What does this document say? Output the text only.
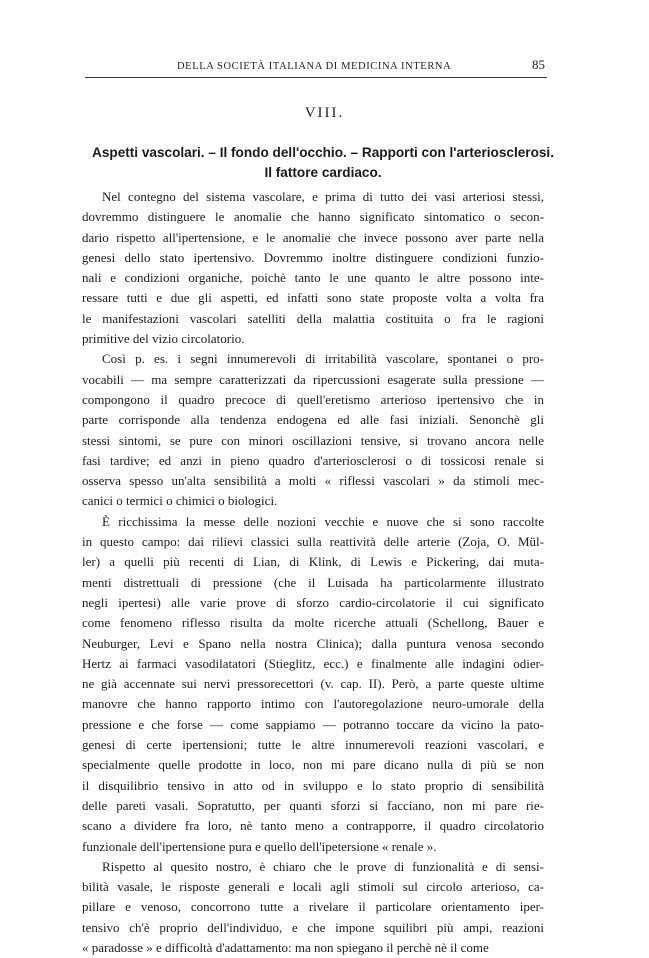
DELLA SOCIETÀ ITALIANA DI MEDICINA INTERNA	85
VIII.
Aspetti vascolari. – Il fondo dell'occhio. – Rapporti con l'arteriosclerosi.
Il fattore cardiaco.
Nel contegno del sistema vascolare, e prima di tutto dei vasi arteriosi stessi,
dovremmo distinguere le anomalie che hanno significato sintomatico o secon-
dario rispetto all'ipertensione, e le anomalie che invece possono aver parte nella
genesi dello stato ipertensivo. Dovremmo inoltre distinguere condizioni funzio-
nali e condizioni organiche, poichè tanto le une quanto le altre possono inte-
ressare tutti e due gli aspetti, ed infatti sono state proposte volta a volta fra
le manifestazioni vascolari satelliti della malattia costituita o fra le ragioni
primitive del vizio circolatorio.
Così p. es. i segni innumerevoli di irritabilità vascolare, spontanei o pro-
vocabili — ma sempre caratterizzati da ripercussioni esagerate sulla pressione —
compongono il quadro precoce di quell'eretismo arterioso ipertensivo che in
parte corrisponde alla tendenza endogena ed alle fasi iniziali. Senonchè gli
stessi sintomi, se pure con minori oscillazioni tensive, si trovano ancora nelle
fasi tardive; ed anzi in pieno quadro d'arteriosclerosi o di tossicosi renale si
osserva spesso un'alta sensibilità a molti « riflessi vascolari » da stimoli mec-
canici o termici o chimici o biologici.
È ricchissima la messe delle nozioni vecchie e nuove che si sono raccolte
in questo campo: dai rilievi classici sulla reattività delle arterie (Zoja, O. Mül-
ler) a quelli più recenti di Lian, di Klink, di Lewis e Pickering, dai muta-
menti distrettuali di pressione (che il Luisada ha particolarmente illustrato
negli ipertesi) alle varie prove di sforzo cardio-circolatorie il cui significato
come fenomeno riflesso risulta da molte ricerche attuali (Schellong, Bauer e
Neuburger, Levi e Spano nella nostra Clinica); dalla puntura venosa secondo
Hertz ai farmaci vasodilatatori (Stieglitz, ecc.) e finalmente alle indagini odier-
ne già accennate sui nervi pressorecettori (v. cap. II). Però, a parte queste ultime
manovre che hanno rapporto intimo con l'autoregolazione neuro-umorale della
pressione e che forse — come sappiamo — potranno toccare da vicino la pato-
genesi di certe ipertensioni; tutte le altre innumerevoli reazioni vascolari, e
specialmente quelle prodotte in loco, non mi pare dicano nulla di più se non
il disquilibrio tensivo in atto od in sviluppo e lo stato proprio di sensibilità
delle pareti vasali. Sopratutto, per quanti sforzi si facciano, non mi pare rie-
scano a dividere fra loro, nè tanto meno a contrapporre, il quadro circolatorio
funzionale dell'ipertensione pura e quello dell'ipetersione « renale ».
Rispetto al quesito nostro, è chiaro che le prove di funzionalità e di sensi-
bilità vasale, le risposte generali e locali agli stimoli sul circolo arterioso, ca-
pillare e venoso, concorrono tutte a rivelare il particolare orientamento iper-
tensivo ch'è proprio dell'individuo, e che impone squilibri più ampi, reazioni
« paradosse » e difficoltà d'adattamento: ma non spiegano il perchè nè il come
